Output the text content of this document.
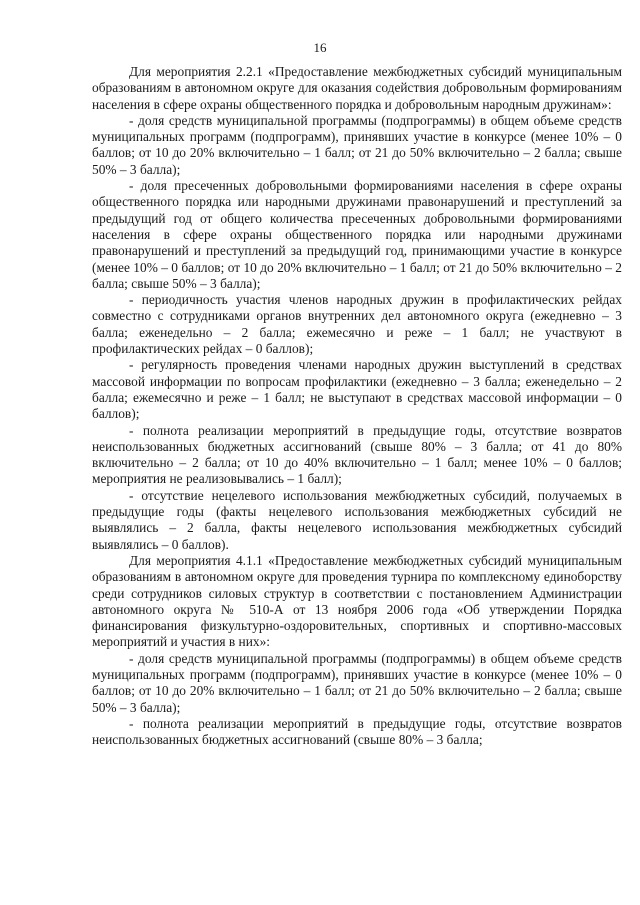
16

Для мероприятия 2.2.1 «Предоставление межбюджетных субсидий муниципальным образованиям в автономном округе для оказания содействия добровольным формированиям населения в сфере охраны общественного порядка и добровольным народным дружинам»:

- доля средств муниципальной программы (подпрограммы) в общем объеме средств муниципальных программ (подпрограмм), принявших участие в конкурсе (менее 10% – 0 баллов; от 10 до 20% включительно – 1 балл; от 21 до 50% включительно – 2 балла; свыше 50% – 3 балла);

- доля пресеченных добровольными формированиями населения в сфере охраны общественного порядка или народными дружинами правонарушений и преступлений за предыдущий год от общего количества пресеченных добровольными формированиями населения в сфере охраны общественного порядка или народными дружинами правонарушений и преступлений за предыдущий год, принимающими участие в конкурсе (менее 10% – 0 баллов; от 10 до 20% включительно – 1 балл; от 21 до 50% включительно – 2 балла; свыше 50% – 3 балла);

- периодичность участия членов народных дружин в профилактических рейдах совместно с сотрудниками органов внутренних дел автономного округа (ежедневно – 3 балла; еженедельно – 2 балла; ежемесячно и реже – 1 балл; не участвуют в профилактических рейдах – 0 баллов);

- регулярность проведения членами народных дружин выступлений в средствах массовой информации по вопросам профилактики (ежедневно – 3 балла; еженедельно – 2 балла; ежемесячно и реже – 1 балл; не выступают в средствах массовой информации – 0 баллов);

- полнота реализации мероприятий в предыдущие годы, отсутствие возвратов неиспользованных бюджетных ассигнований (свыше 80% – 3 балла; от 41 до 80% включительно – 2 балла; от 10 до 40% включительно – 1 балл; менее 10% – 0 баллов; мероприятия не реализовывались – 1 балл);

- отсутствие нецелевого использования межбюджетных субсидий, получаемых в предыдущие годы (факты нецелевого использования межбюджетных субсидий не выявлялись – 2 балла, факты нецелевого использования межбюджетных субсидий выявлялись – 0 баллов).

Для мероприятия 4.1.1 «Предоставление межбюджетных субсидий муниципальным образованиям в автономном округе для проведения турнира по комплексному единоборству среди сотрудников силовых структур в соответствии с постановлением Администрации автономного округа № 510-А от 13 ноября 2006 года «Об утверждении Порядка финансирования физкультурно-оздоровительных, спортивных и спортивно-массовых мероприятий и участия в них»:

- доля средств муниципальной программы (подпрограммы) в общем объеме средств муниципальных программ (подпрограмм), принявших участие в конкурсе (менее 10% – 0 баллов; от 10 до 20% включительно – 1 балл; от 21 до 50% включительно – 2 балла; свыше 50% – 3 балла);

- полнота реализации мероприятий в предыдущие годы, отсутствие возвратов неиспользованных бюджетных ассигнований (свыше 80% – 3 балла;
